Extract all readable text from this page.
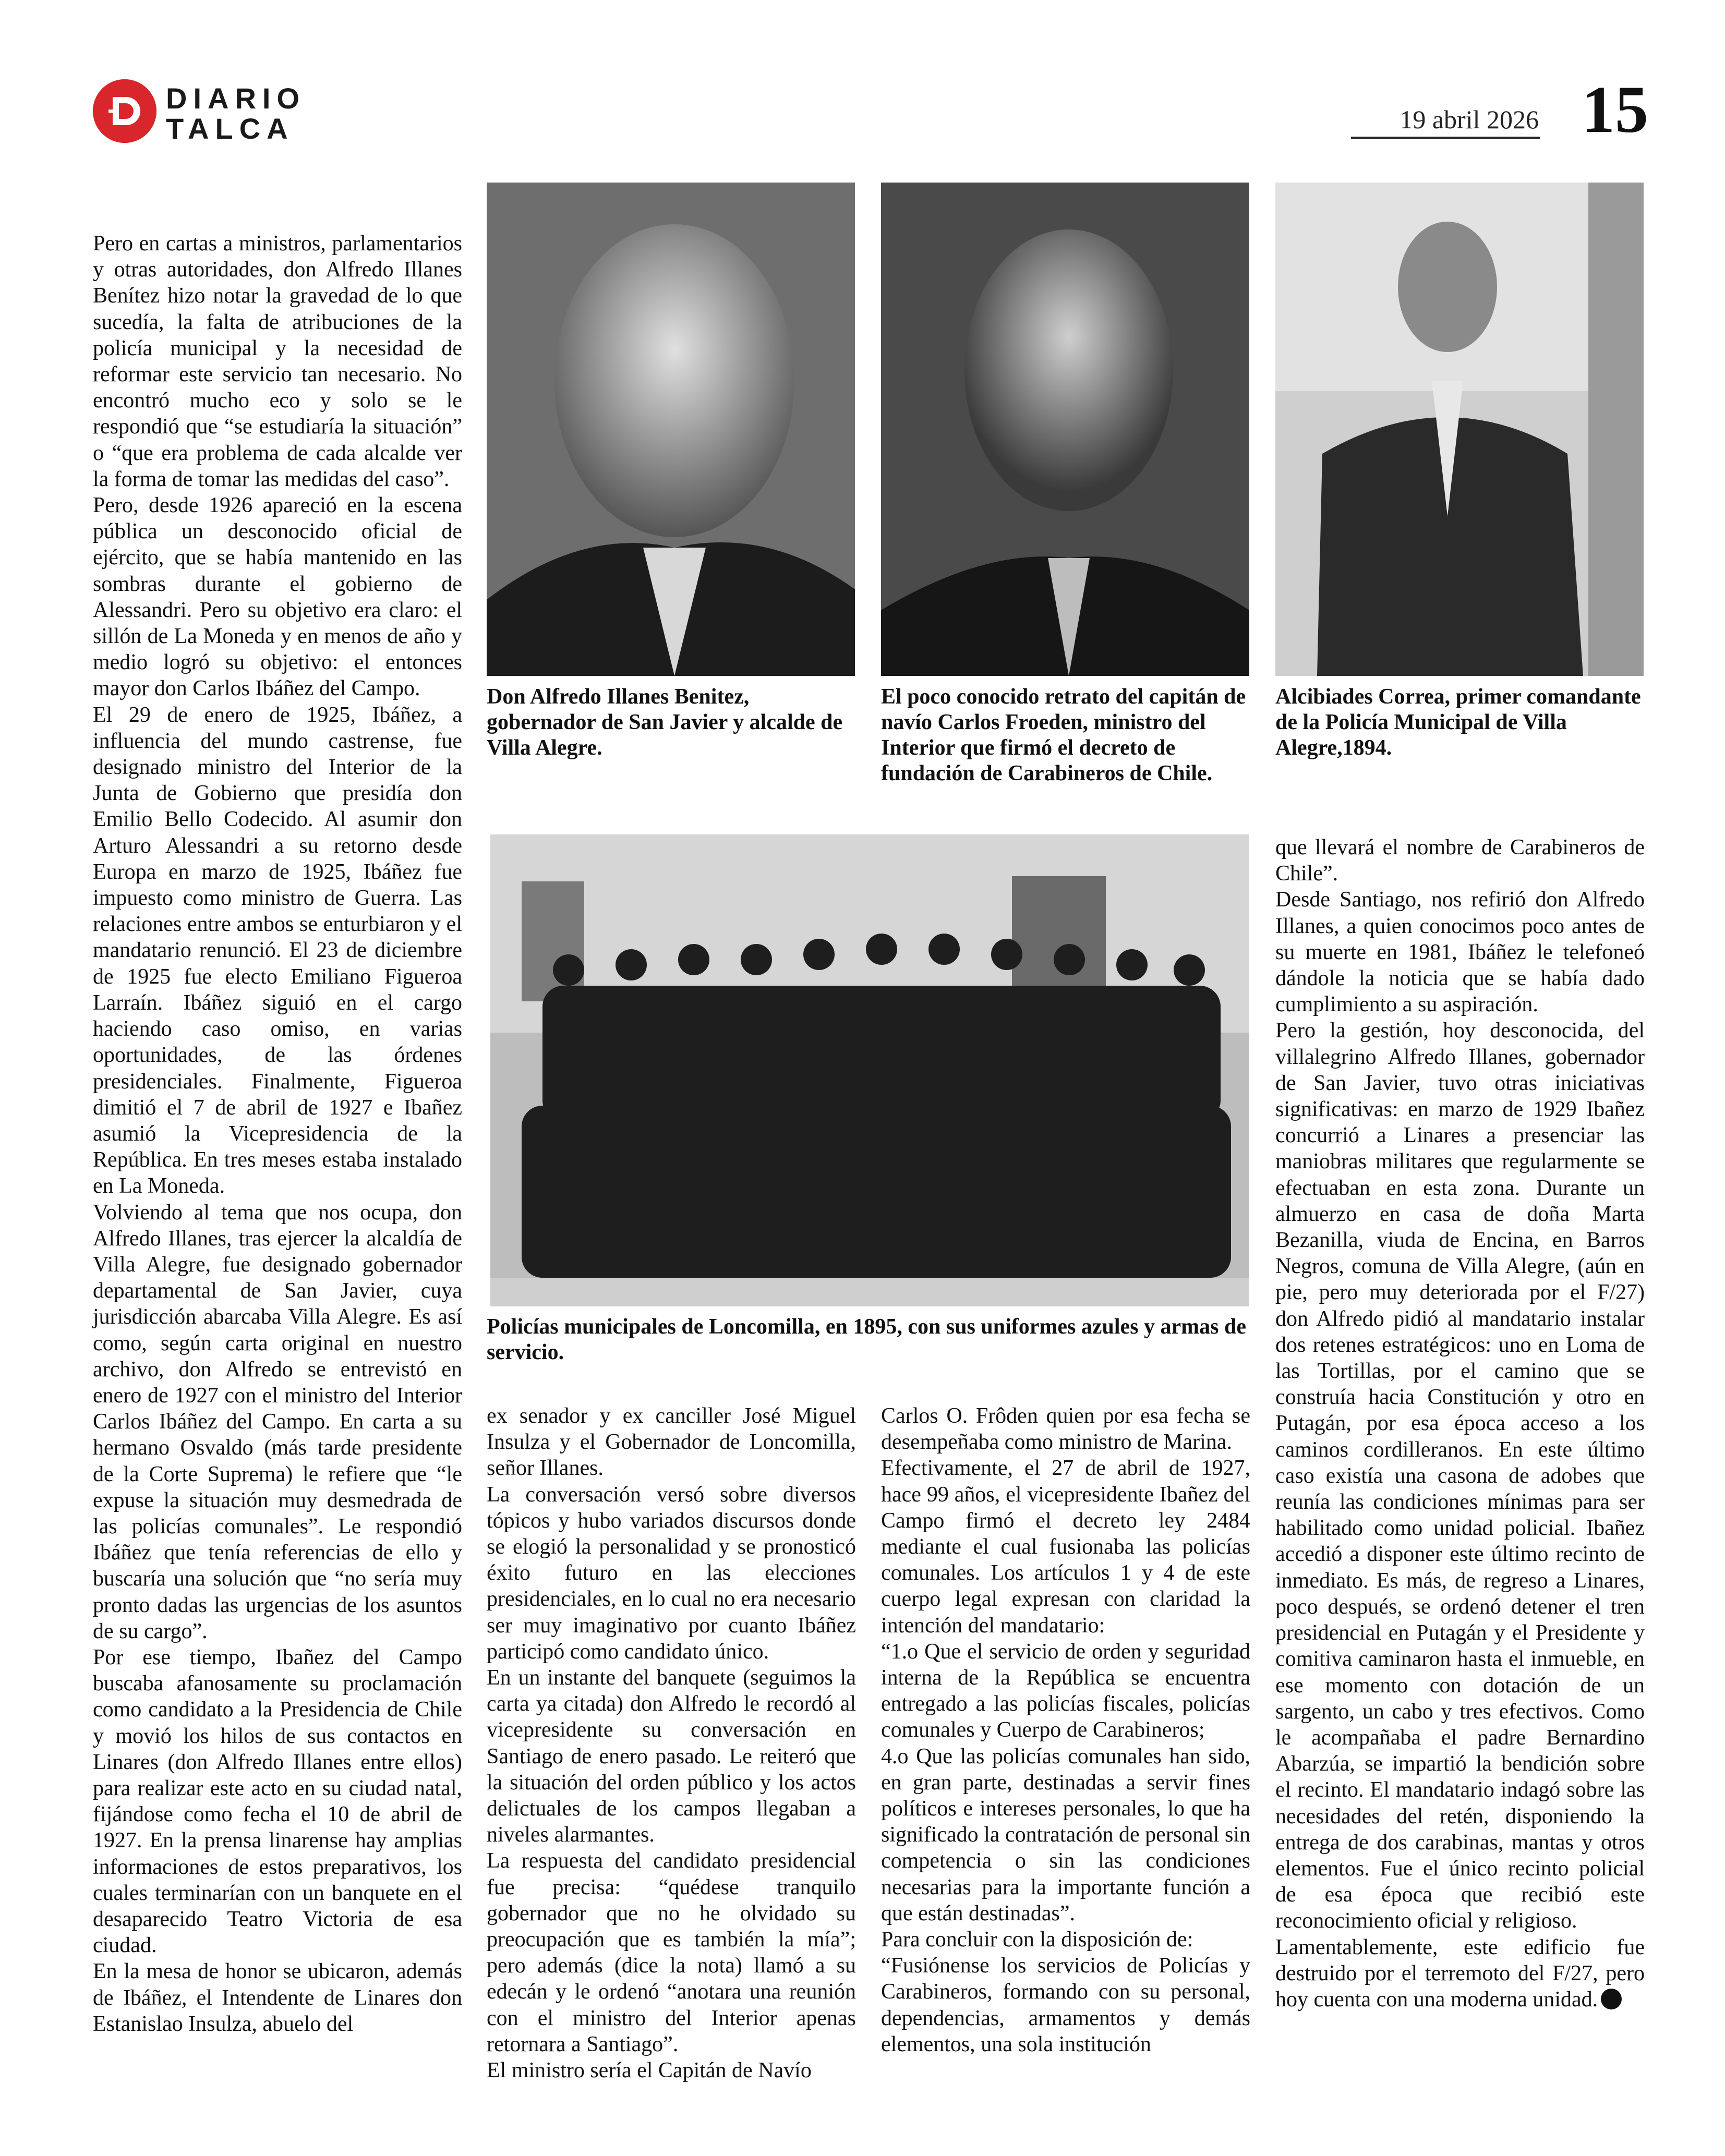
DIARIO
TALCA	19 abril 2026 15
Don Alfredo Illanes Benitez, gobernador de San Javier y alcalde de Villa Alegre.
El poco conocido retrato del capitán de navío Carlos Froeden, ministro del Interior que firmó el decreto de fundación de Carabineros de Chile.
Alcibiades Correa, primer comandante de la Policía Municipal de Villa Alegre,1894.
Policías municipales de Loncomilla, en 1895, con sus uniformes azules y armas de servicio.

Pero en cartas a ministros, parlamentarios y otras autoridades, don Alfredo Illanes Benítez hizo notar la gravedad de lo que sucedía, la falta de atribuciones de la policía municipal y la necesidad de reformar este servicio tan necesario. No encontró mucho eco y solo se le respondió que “se estudiaría la situación” o “que era problema de cada alcalde ver la forma de tomar las medidas del caso”.

Pero, desde 1926 apareció en la escena pública un desconocido oficial de ejército, que se había mantenido en las sombras durante el gobierno de Alessandri. Pero su objetivo era claro: el sillón de La Moneda y en menos de año y medio logró su objetivo: el entonces mayor don Carlos Ibáñez del Campo.

El 29 de enero de 1925, Ibáñez, a influencia del mundo castrense, fue designado ministro del Interior de la Junta de Gobierno que presidía don Emilio Bello Codecido. Al asumir don Arturo Alessandri a su retorno desde Europa en marzo de 1925, Ibáñez fue impuesto como ministro de Guerra. Las relaciones entre ambos se enturbiaron y el mandatario renunció. El 23 de diciembre de 1925 fue electo Emiliano Figueroa Larraín. Ibáñez siguió en el cargo haciendo caso omiso, en varias oportunidades, de las órdenes presidenciales. Finalmente, Figueroa dimitió el 7 de abril de 1927 e Ibañez asumió la Vicepresidencia de la República. En tres meses estaba instalado en La Moneda.

Volviendo al tema que nos ocupa, don Alfredo Illanes, tras ejercer la alcaldía de Villa Alegre, fue designado gobernador departamental de San Javier, cuya jurisdicción abarcaba Villa Alegre. Es así como, según carta original en nuestro archivo, don Alfredo se entrevistó en enero de 1927 con el ministro del Interior Carlos Ibáñez del Campo. En carta a su hermano Osvaldo (más tarde presidente de la Corte Suprema) le refiere que “le expuse la situación muy desmedrada de las policías comunales”. Le respondió Ibáñez que tenía referencias de ello y buscaría una solución que “no sería muy pronto dadas las urgencias de los asuntos de su cargo”.

Por ese tiempo, Ibañez del Campo buscaba afanosamente su proclamación como candidato a la Presidencia de Chile y movió los hilos de sus contactos en Linares (don Alfredo Illanes entre ellos) para realizar este acto en su ciudad natal, fijándose como fecha el 10 de abril de 1927. En la prensa linarense hay amplias informaciones de estos preparativos, los cuales terminarían con un banquete en el desaparecido Teatro Victoria de esa ciudad.

En la mesa de honor se ubicaron, además de Ibáñez, el Intendente de Linares don Estanislao Insulza, abuelo del

ex senador y ex canciller José Miguel Insulza y el Gobernador de Loncomilla, señor Illanes.

La conversación versó sobre diversos tópicos y hubo variados discursos donde se elogió la personalidad y se pronosticó éxito futuro en las elecciones presidenciales, en lo cual no era necesario ser muy imaginativo por cuanto Ibáñez participó como candidato único.

En un instante del banquete (seguimos la carta ya citada) don Alfredo le recordó al vicepresidente su conversación en Santiago de enero pasado. Le reiteró que la situación del orden público y los actos delictuales de los campos llegaban a niveles alarmantes.

La respuesta del candidato presidencial fue precisa: “quédese tranquilo gobernador que no he olvidado su preocupación que es también la mía”; pero además (dice la nota) llamó a su edecán y le ordenó “anotara una reunión con el ministro del Interior apenas retornara a Santiago”.

El ministro sería el Capitán de Navío

Carlos O. Frôden quien por esa fecha se desempeñaba como ministro de Marina.

Efectivamente, el 27 de abril de 1927, hace 99 años, el vicepresidente Ibañez del Campo firmó el decreto ley 2484 mediante el cual fusionaba las policías comunales. Los artículos 1 y 4 de este cuerpo legal expresan con claridad la intención del mandatario:

“1.o Que el servicio de orden y seguridad interna de la República se encuentra entregado a las policías fiscales, policías comunales y Cuerpo de Carabineros;

4.o Que las policías comunales han sido, en gran parte, destinadas a servir fines políticos e intereses personales, lo que ha significado la contratación de personal sin competencia o sin las condiciones necesarias para la importante función a que están destinadas”.

Para concluir con la disposición de:

“Fusiónense los servicios de Policías y Carabineros, formando con su personal, dependencias, armamentos y demás elementos, una sola institución

que llevará el nombre de Carabineros de Chile”.

Desde Santiago, nos refirió don Alfredo Illanes, a quien conocimos poco antes de su muerte en 1981, Ibáñez le telefoneó dándole la noticia que se había dado cumplimiento a su aspiración.

Pero la gestión, hoy desconocida, del villalegrino Alfredo Illanes, gobernador de San Javier, tuvo otras iniciativas significativas: en marzo de 1929 Ibañez concurrió a Linares a presenciar las maniobras militares que regularmente se efectuaban en esta zona. Durante un almuerzo en casa de doña Marta Bezanilla, viuda de Encina, en Barros Negros, comuna de Villa Alegre, (aún en pie, pero muy deteriorada por el F/27) don Alfredo pidió al mandatario instalar dos retenes estratégicos: uno en Loma de las Tortillas, por el camino que se construía hacia Constitución y otro en Putagán, por esa época acceso a los caminos cordilleranos. En este último caso existía una casona de adobes que reunía las condiciones mínimas para ser habilitado como unidad policial. Ibañez accedió a disponer este último recinto de inmediato. Es más, de regreso a Linares, poco después, se ordenó detener el tren presidencial en Putagán y el Presidente y comitiva caminaron hasta el inmueble, en ese momento con dotación de un sargento, un cabo y tres efectivos. Como le acompañaba el padre Bernardino Abarzúa, se impartió la bendición sobre el recinto. El mandatario indagó sobre las necesidades del retén, disponiendo la entrega de dos carabinas, mantas y otros elementos. Fue el único recinto policial de esa época que recibió este reconocimiento oficial y religioso.

Lamentablemente, este edificio fue destruido por el terremoto del F/27, pero hoy cuenta con una moderna unidad.
